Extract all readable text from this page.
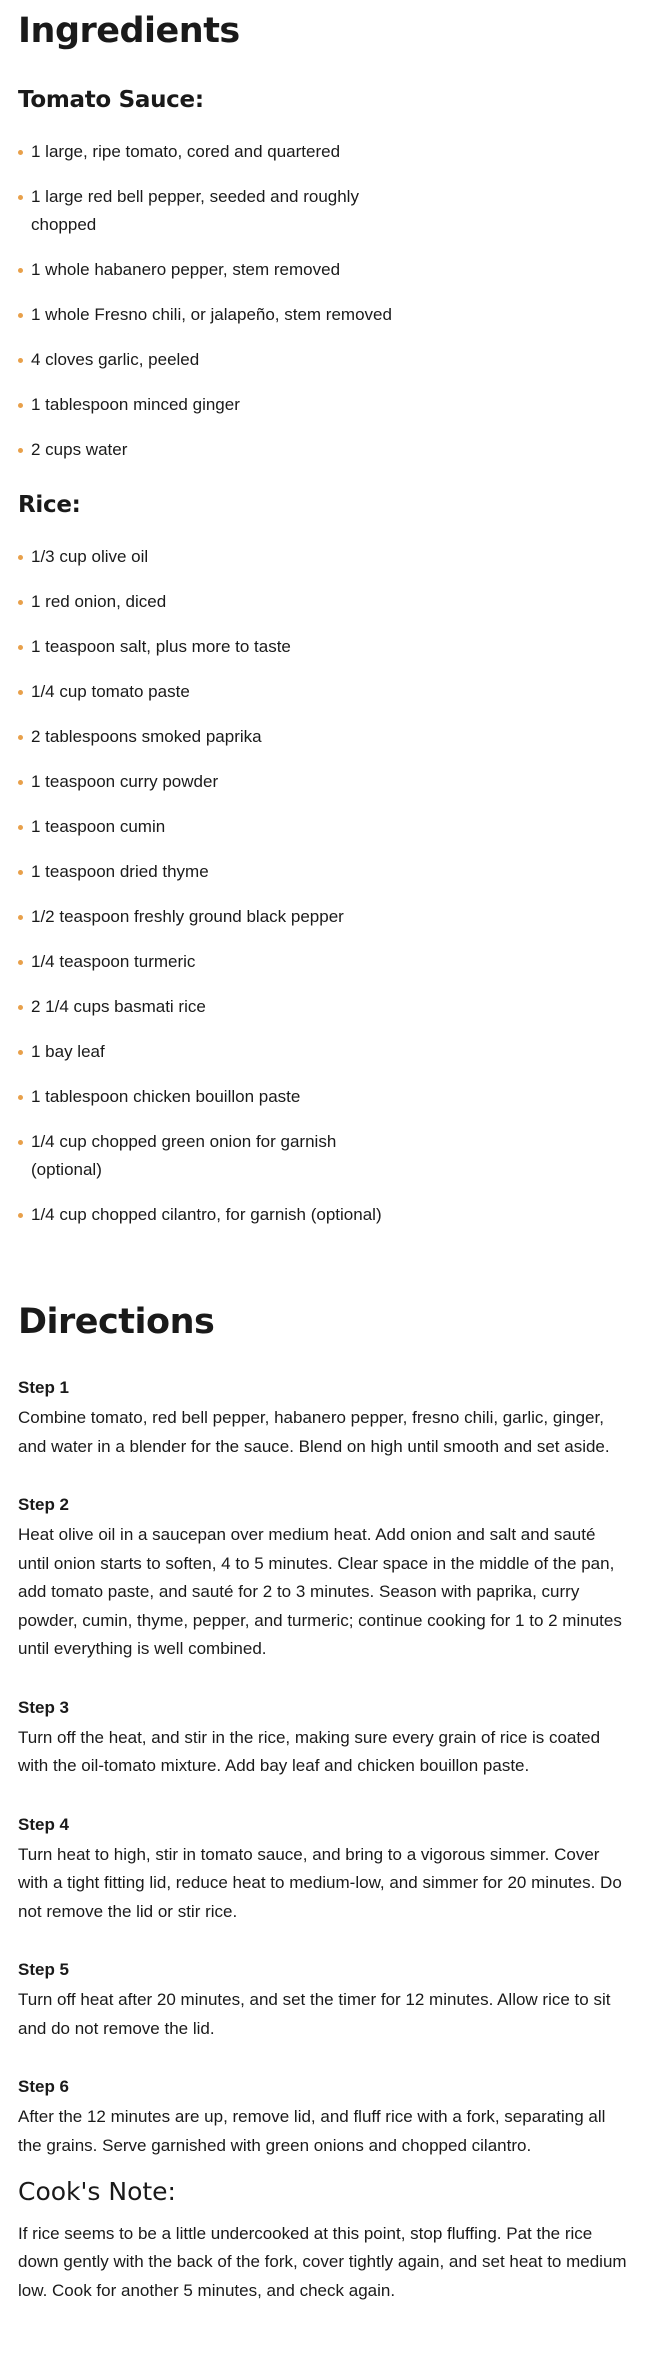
Ingredients
Tomato Sauce:
1 large, ripe tomato, cored and quartered
1 large red bell pepper, seeded and roughly chopped
1 whole habanero pepper, stem removed
1 whole Fresno chili, or jalapeño, stem removed
4 cloves garlic, peeled
1 tablespoon minced ginger
2 cups water
Rice:
1/3 cup olive oil
1 red onion, diced
1 teaspoon salt, plus more to taste
1/4 cup tomato paste
2 tablespoons smoked paprika
1 teaspoon curry powder
1 teaspoon cumin
1 teaspoon dried thyme
1/2 teaspoon freshly ground black pepper
1/4 teaspoon turmeric
2 1/4 cups basmati rice
1 bay leaf
1 tablespoon chicken bouillon paste
1/4 cup chopped green onion for garnish (optional)
1/4 cup chopped cilantro, for garnish (optional)
Directions
Step 1

Combine tomato, red bell pepper, habanero pepper, fresno chili, garlic, ginger, and water in a blender for the sauce. Blend on high until smooth and set aside.

Step 2

Heat olive oil in a saucepan over medium heat. Add onion and salt and sauté until onion starts to soften, 4 to 5 minutes. Clear space in the middle of the pan, add tomato paste, and sauté for 2 to 3 minutes. Season with paprika, curry powder, cumin, thyme, pepper, and turmeric; continue cooking for 1 to 2 minutes until everything is well combined.

Step 3

Turn off the heat, and stir in the rice, making sure every grain of rice is coated with the oil-tomato mixture. Add bay leaf and chicken bouillon paste.

Step 4

Turn heat to high, stir in tomato sauce, and bring to a vigorous simmer. Cover with a tight fitting lid, reduce heat to medium-low, and simmer for 20 minutes. Do not remove the lid or stir rice.

Step 5

Turn off heat after 20 minutes, and set the timer for 12 minutes. Allow rice to sit and do not remove the lid.

Step 6

After the 12 minutes are up, remove lid, and fluff rice with a fork, separating all the grains. Serve garnished with green onions and chopped cilantro.

Cook's Note:

If rice seems to be a little undercooked at this point, stop fluffing. Pat the rice down gently with the back of the fork, cover tightly again, and set heat to medium low. Cook for another 5 minutes, and check again.
